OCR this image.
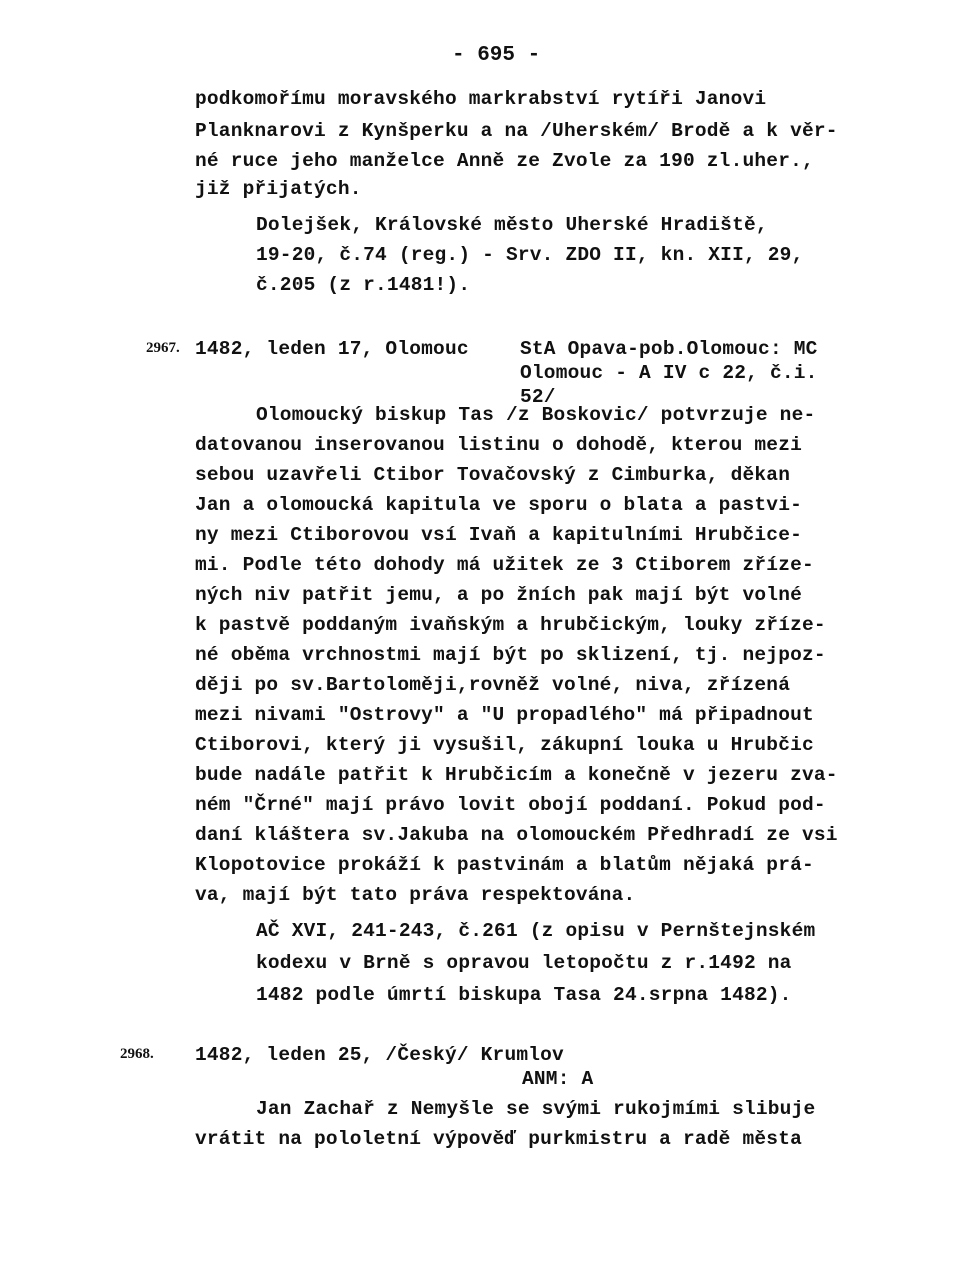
- 695 -
podkomořímu moravského markrabství rytíři Janovi
Planknarovi z Kynšperku a na /Uherském/ Brodě a k věr-
né ruce jeho manželce Anně ze Zvole za 190 zl.uher.,
již přijatých.
Dolejšek, Královské město Uherské Hradiště,
19-20, č.74 (reg.) - Srv. ZDO II, kn. XII, 29,
č.205 (z r.1481!).
2967. 1482, leden 17, Olomouc	StA Opava-pob.Olomouc: MC
Olomouc - A IV c 22, č.i.
52/
Olomoucký biskup Tas /z Boskovic/ potvrzuje ne-
datovanou inserovanou listinu o dohodě, kterou mezi
sebou uzavřeli Ctibor Tovačovský z Cimburka, děkan
Jan a olomoucká kapitula ve sporu o blata a pastvi-
ny mezi Ctiborovou vsí Ivaň a kapitulními Hrubčice-
mi. Podle této dohody má užitek ze 3 Ctiborem zříze-
ných niv patřit jemu, a po žních pak mají být volné
k pastvě poddaným ivaňským a hrubčickým, louky zříze-
né oběma vrchnostmi mají být po sklizení, tj. nejpoz-
ději po sv.Bartoloměji,rovněž volné, niva, zřízená
mezi nivami "Ostrovy" a "U propadlého" má připadnout
Ctiborovi, který ji vysušil, zákupní louka u Hrubčic
bude nadále patřit k Hrubčicím a konečně v jezeru zva-
ném "Črné" mají právo lovit obojí poddaní. Pokud pod-
daní kláštera sv.Jakuba na olomouckém Předhradí ze vsi
Klopotovice prokáží k pastvinám a blatům nějaká prá-
va, mají být tato práva respektována.
AČ XVI, 241-243, č.261 (z opisu v Pernštejnském
kodexu v Brně s opravou letopočtu z r.1492 na
1482 podle úmrtí biskupa Tasa 24.srpna 1482).
2968. 1482, leden 25, /Český/ Krumlov
ANM: A
Jan Zachař z Nemyšle se svými rukojmími slibuje
vrátit na pololetní výpověď purkmistru a radě města
